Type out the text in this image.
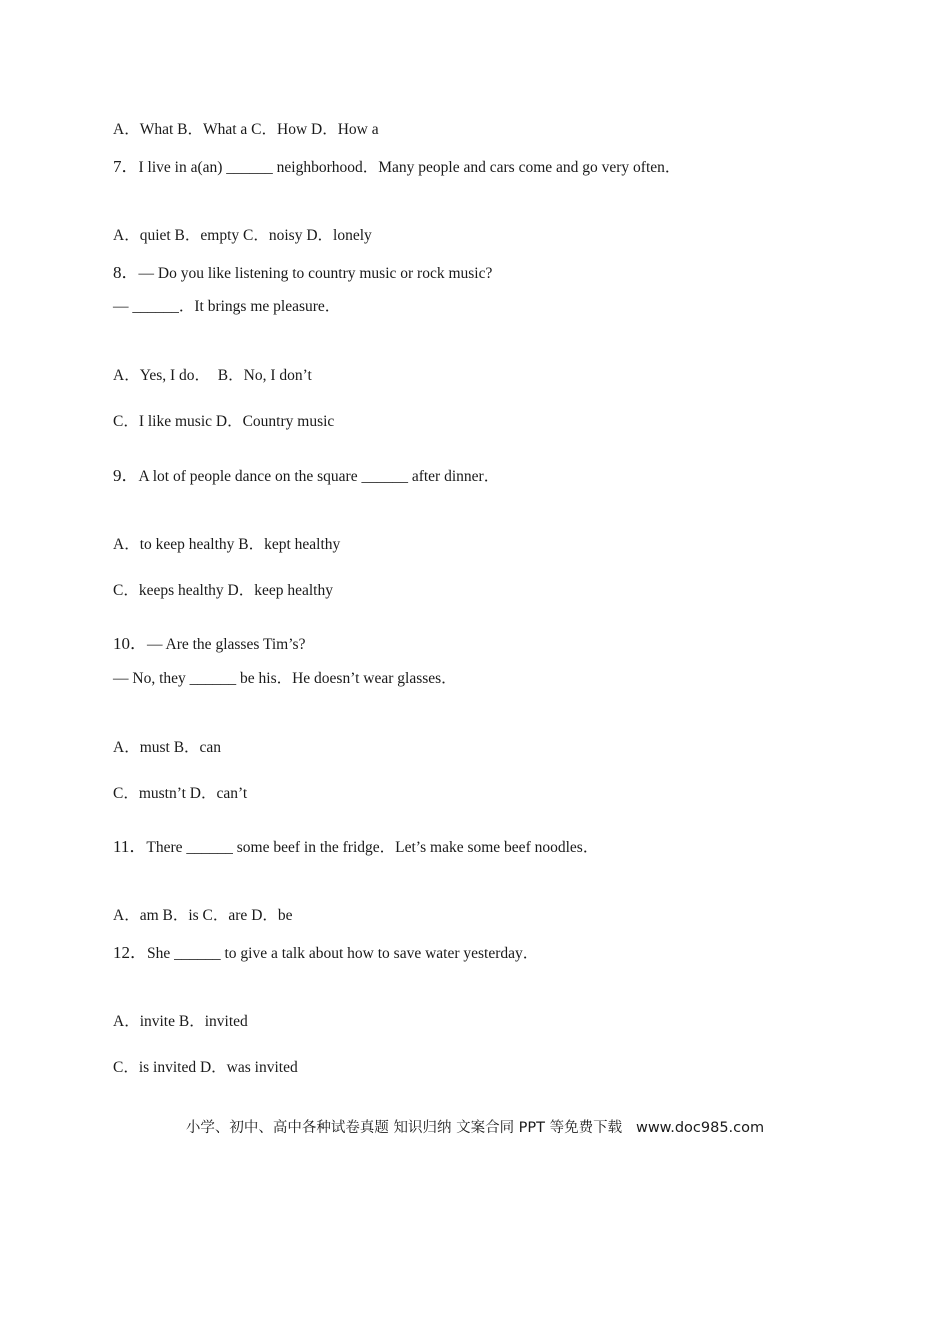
A．What B．What a C．How D．How a
7．I live in a(an) ______ neighborhood．Many people and cars come and go very often．
A．quiet B．empty C．noisy D．lonely
8．— Do you like listening to country music or rock music?
— ______．It brings me pleasure．
A．Yes, I do．  B．No, I don’t
C．I like music D．Country music
9．A lot of people dance on the square ______ after dinner．
A．to keep healthy B．kept healthy
C．keeps healthy D．keep healthy
10．— Are the glasses Tim’s?
— No, they ______ be his．He doesn’t wear glasses．
A．must B．can
C．mustn’t D．can’t
11．There ______ some beef in the fridge．Let’s make some beef noodles．
A．am B．is C．are D．be
12．She ______ to give a talk about how to save water yesterday．
A．invite B．invited
C．is invited D．was invited
小学、初中、高中各种试卷真题 知识归纳 文案合同 PPT 等免费下载   www.doc985.com
